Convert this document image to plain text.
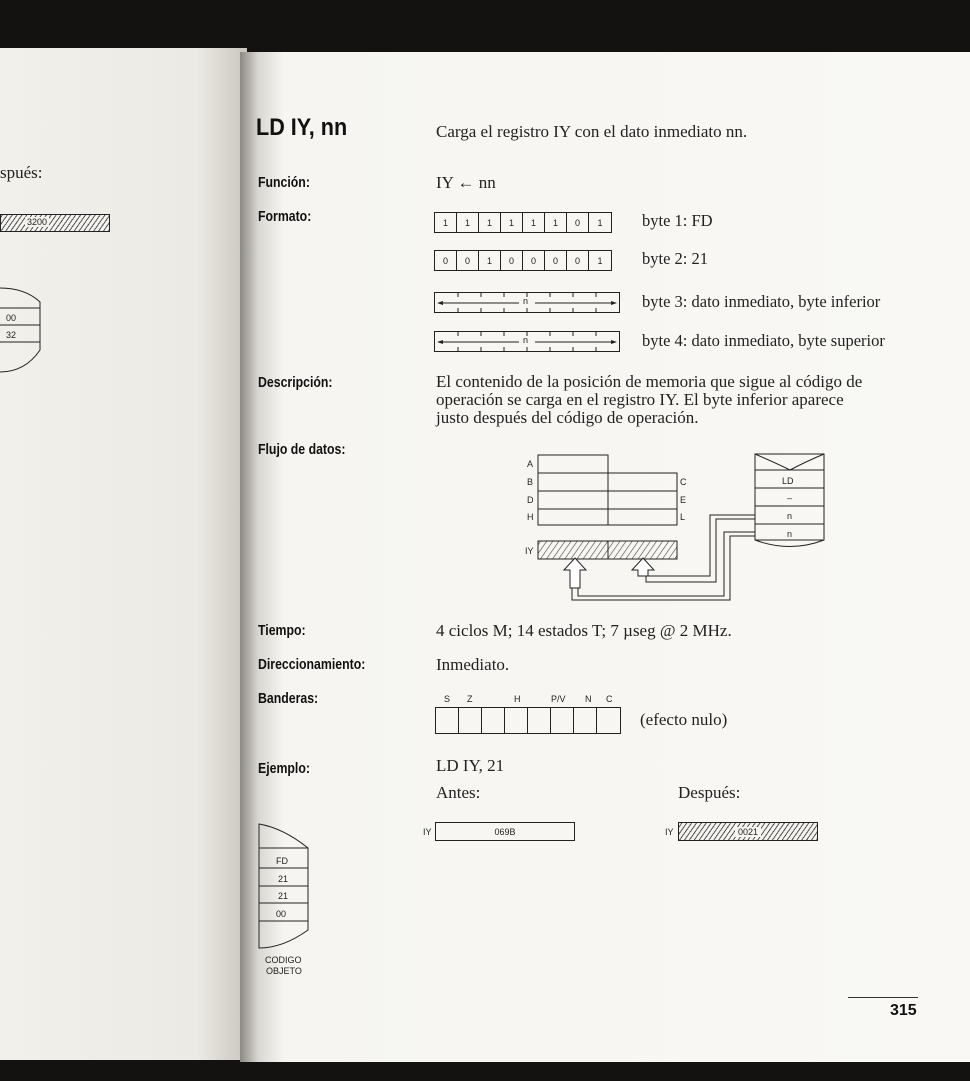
spués:
3200
00
32
LD IY, nn	Carga el registro IY con el dato inmediato nn.
Función:	IY ← nn
Formato:	1	1	1	1	1	1	0	1	byte 1: FD
0	0	1	0	0	0	0	1	byte 2: 21
n	byte 3: dato inmediato, byte inferior
n	byte 4: dato inmediato, byte superior
Descripción:	El contenido de la posición de memoria que sigue al código de
operación se carga en el registro IY. El byte inferior aparece
justo después del código de operación.
Flujo de datos:
A
B
D
H
C
E
L
IY
LD
–
n
n
Tiempo:	4 ciclos M; 14 estados T; 7 µseg @ 2 MHz.
Direccionamiento:	Inmediato.
Banderas:	S Z	H	P/V N C
(efecto nulo)
Ejemplo:	LD IY, 21
Antes:	Después:
IY	069B	IY	0021
FD
21
21
00
CODIGO
OBJETO
315
